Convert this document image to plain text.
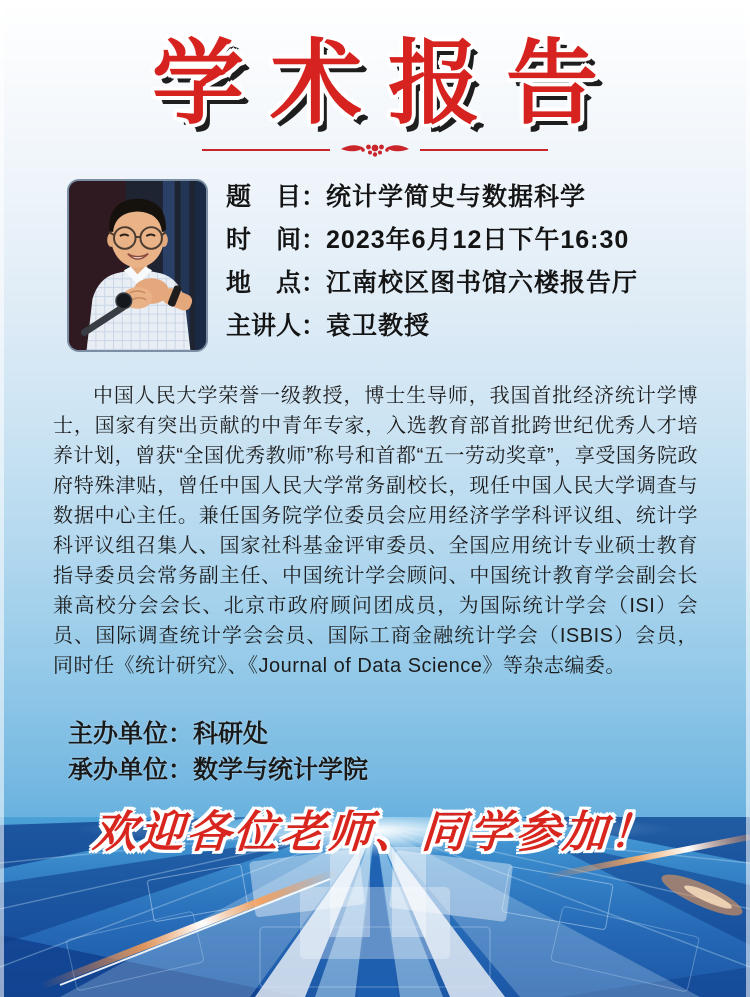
学术报告
题　目：统计学简史与数据科学
时　间：2023年6月12日下午16:30
地　点：江南校区图书馆六楼报告厅
主讲人：袁卫教授

中国人民大学荣誉一级教授，博士生导师，我国首批经济统计学博士，国家有突出贡献的中青年专家，入选教育部首批跨世纪优秀人才培养计划，曾获“全国优秀教师”称号和首都“五一劳动奖章”，享受国务院政府特殊津贴，曾任中国人民大学常务副校长，现任中国人民大学调查与数据中心主任。兼任国务院学位委员会应用经济学学科评议组、统计学科评议组召集人、国家社科基金评审委员、全国应用统计专业硕士教育指导委员会常务副主任、中国统计学会顾问、中国统计教育学会副会长兼高校分会会长、北京市政府顾问团成员，为国际统计学会（ISI）会员、国际调查统计学会会员、国际工商金融统计学会（ISBIS）会员，同时任《统计研究》、《Journal of Data Science》等杂志编委。

主办单位：科研处
承办单位：数学与统计学院
欢迎各位老师、同学参加！
